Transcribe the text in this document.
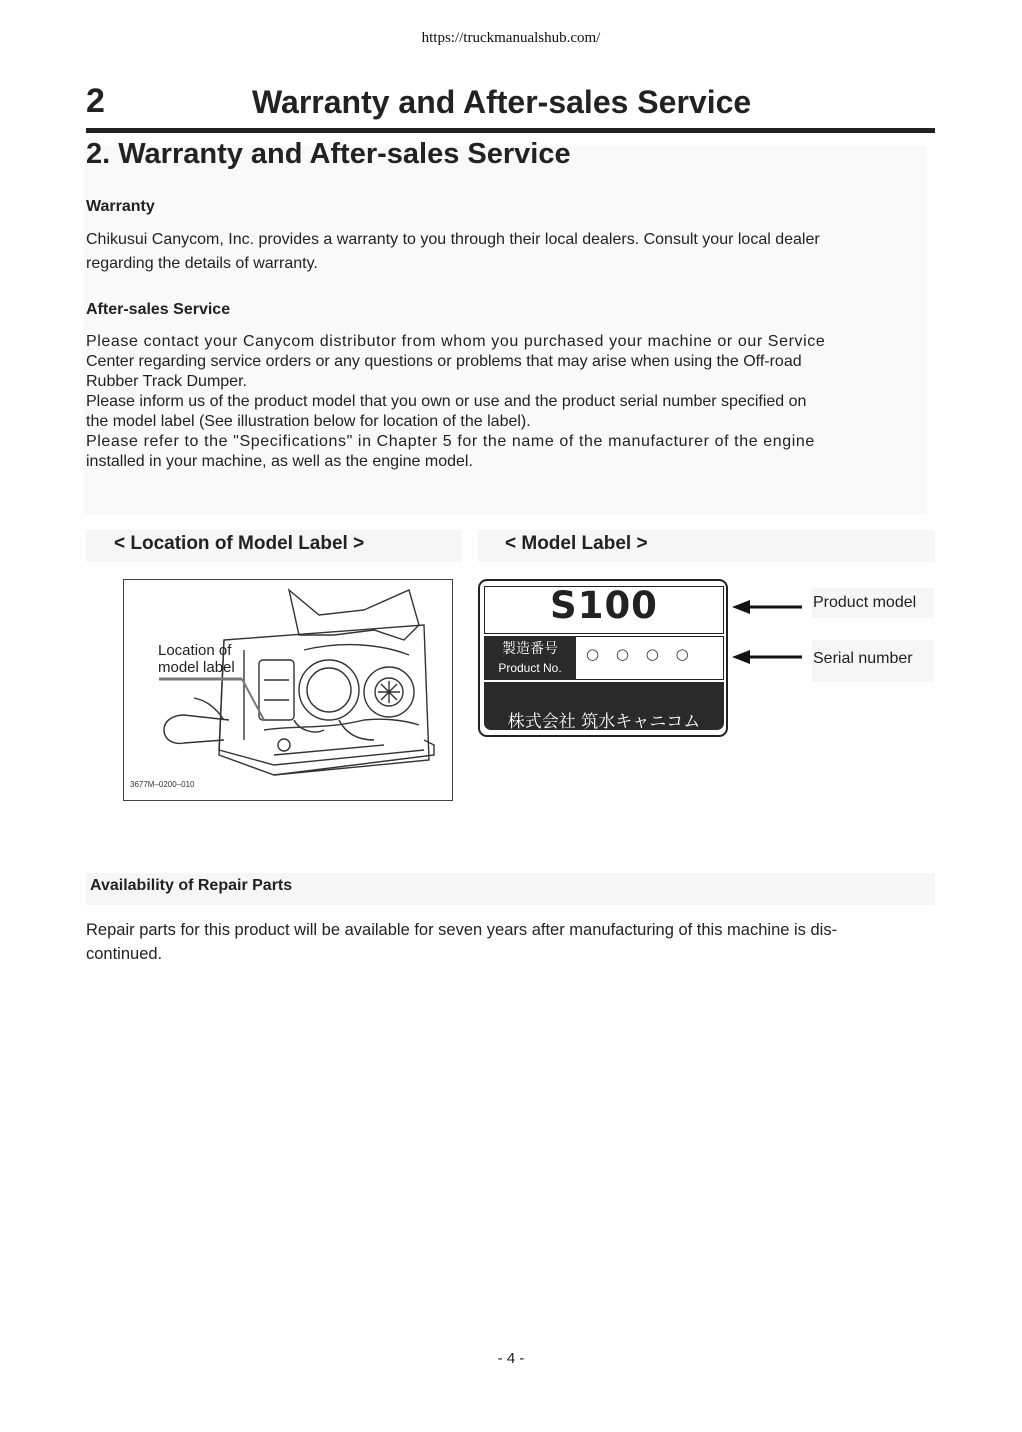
https://truckmanualshub.com/
2	Warranty and After-sales Service
2. Warranty and After-sales Service
Warranty
Chikusui Canycom, Inc. provides a warranty to you through their local dealers. Consult your local dealer
regarding the details of warranty.
After-sales Service
Please contact your Canycom distributor from whom you purchased your machine or our Service
Center regarding service orders or any questions or problems that may arise when using the Off-road
Rubber Track Dumper.
Please inform us of the product model that you own or use and the product serial number specified on
the model label (See illustration below for location of the label).
Please refer to the "Specifications" in Chapter 5 for the name of the manufacturer of the engine
installed in your machine, as well as the engine model.
< Location of Model Label >	< Model Label >
Location of
model label
3677M–0200–010
S100
製造番号
Product No.
○ ○ ○ ○
株式会社 筑水キャニコム
Product model
Serial number
Availability of Repair Parts
Repair parts for this product will be available for seven years after manufacturing of this machine is dis-
continued.
- 4 -
